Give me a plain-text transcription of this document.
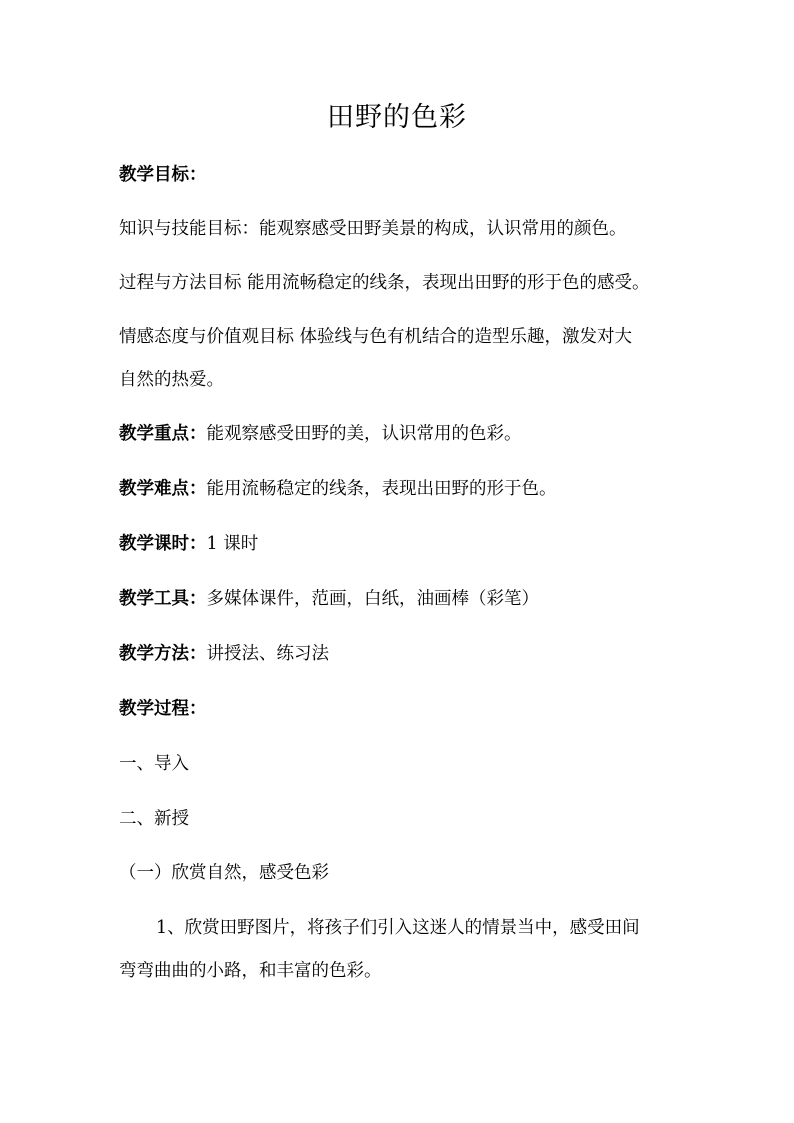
田野的色彩

教学目标：

知识与技能目标：能观察感受田野美景的构成，认识常用的颜色。

过程与方法目标 能用流畅稳定的线条，表现出田野的形于色的感受。

情感态度与价值观目标 体验线与色有机结合的造型乐趣，激发对大

自然的热爱。

教学重点：能观察感受田野的美，认识常用的色彩。

教学难点：能用流畅稳定的线条，表现出田野的形于色。

教学课时：1 课时

教学工具：多媒体课件，范画，白纸，油画棒（彩笔）

教学方法：讲授法、练习法

教学过程：

一、导入

二、新授

（一）欣赏自然，感受色彩

1、欣赏田野图片，将孩子们引入这迷人的情景当中，感受田间

弯弯曲曲的小路，和丰富的色彩。
